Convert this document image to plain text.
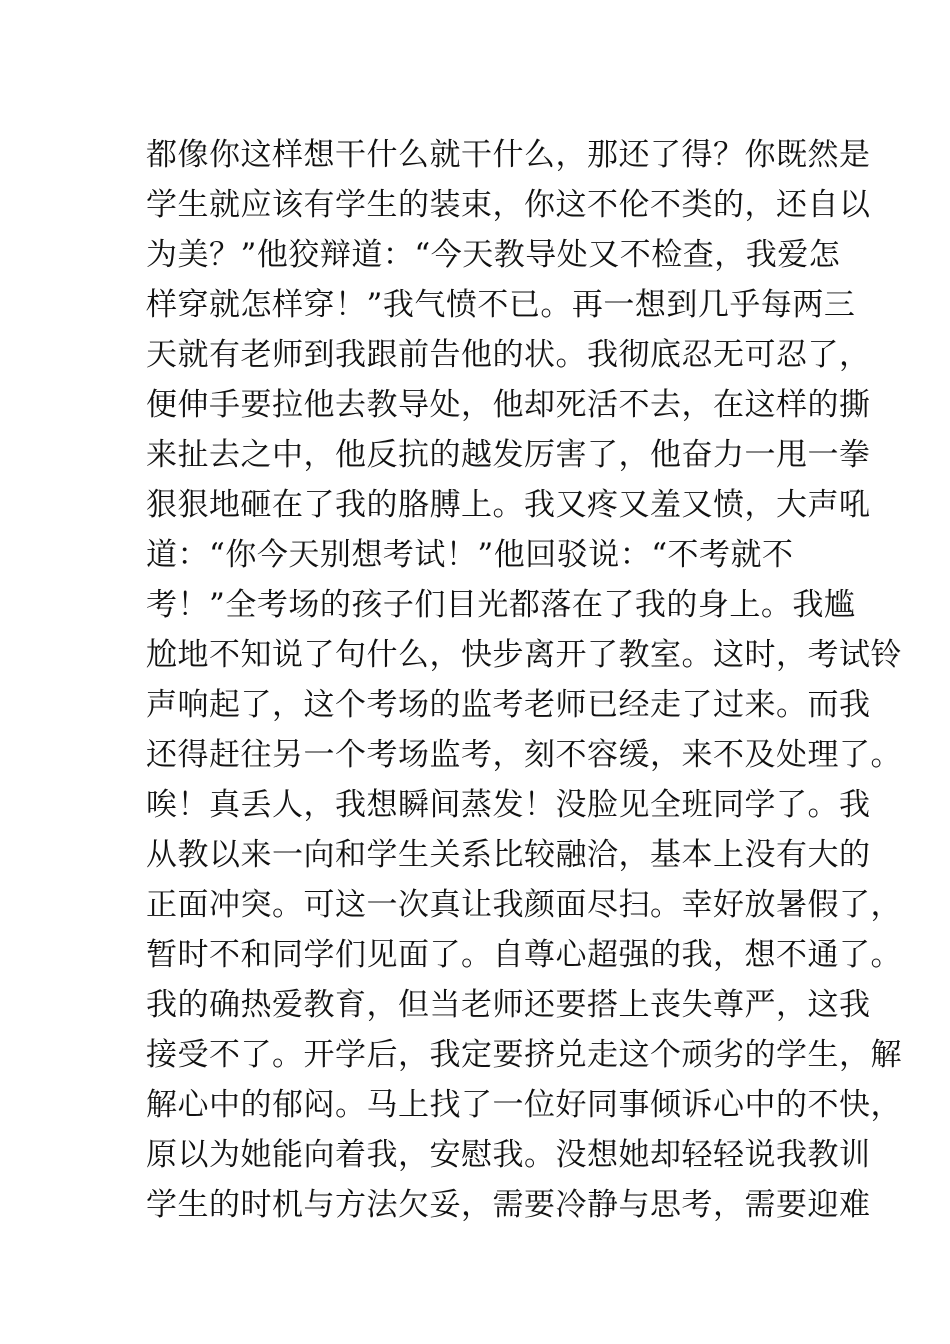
都像你这样想干什么就干什么，那还了得？你既然是
学生就应该有学生的装束，你这不伦不类的，还自以
为美？”他狡辩道：“今天教导处又不检查，我爱怎
样穿就怎样穿！”我气愤不已。再一想到几乎每两三
天就有老师到我跟前告他的状。我彻底忍无可忍了，
便伸手要拉他去教导处，他却死活不去，在这样的撕
来扯去之中，他反抗的越发厉害了，他奋力一甩一拳
狠狠地砸在了我的胳膊上。我又疼又羞又愤，大声吼
道：“你今天别想考试！”他回驳说：“不考就不
考！”全考场的孩子们目光都落在了我的身上。我尴
尬地不知说了句什么，快步离开了教室。这时，考试铃
声响起了，这个考场的监考老师已经走了过来。而我
还得赶往另一个考场监考，刻不容缓，来不及处理了。
唉！真丢人，我想瞬间蒸发！没脸见全班同学了。我
从教以来一向和学生关系比较融洽，基本上没有大的
正面冲突。可这一次真让我颜面尽扫。幸好放暑假了，
暂时不和同学们见面了。自尊心超强的我，想不通了。
我的确热爱教育，但当老师还要搭上丧失尊严，这我
接受不了。开学后，我定要挤兑走这个顽劣的学生，解
解心中的郁闷。马上找了一位好同事倾诉心中的不快，
原以为她能向着我，安慰我。没想她却轻轻说我教训
学生的时机与方法欠妥，需要冷静与思考，需要迎难
